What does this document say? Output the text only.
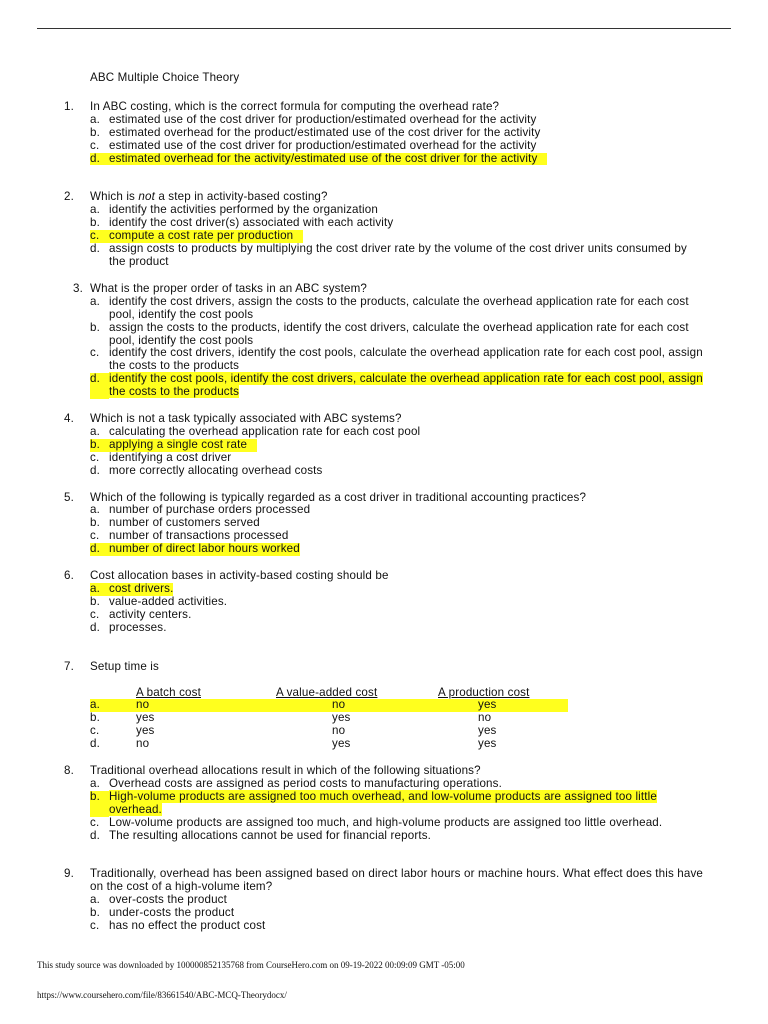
ABC Multiple Choice Theory
1.	In ABC costing, which is the correct formula for computing the overhead rate?
a. estimated use of the cost driver for production/estimated overhead for the activity
b. estimated overhead for the product/estimated use of the cost driver for the activity
c. estimated use of the cost driver for production/estimated overhead for the activity
d. estimated overhead for the activity/estimated use of the cost driver for the activity
2.	Which is not a step in activity-based costing?
a. identify the activities performed by the organization
b. identify the cost driver(s) associated with each activity
c. compute a cost rate per production
d. assign costs to products by multiplying the cost driver rate by the volume of the cost driver units consumed by the product
3. What is the proper order of tasks in an ABC system?
a. identify the cost drivers, assign the costs to the products, calculate the overhead application rate for each cost pool, identify the cost pools
b. assign the costs to the products, identify the cost drivers, calculate the overhead application rate for each cost pool, identify the cost pools
c. identify the cost drivers, identify the cost pools, calculate the overhead application rate for each cost pool, assign the costs to the products
d. identify the cost pools, identify the cost drivers, calculate the overhead application rate for each cost pool, assign the costs to the products
4.	Which is not a task typically associated with ABC systems?
a. calculating the overhead application rate for each cost pool
b. applying a single cost rate
c. identifying a cost driver
d. more correctly allocating overhead costs
5.	Which of the following is typically regarded as a cost driver in traditional accounting practices?
a. number of purchase orders processed
b. number of customers served
c. number of transactions processed
d. number of direct labor hours worked
6.	Cost allocation bases in activity-based costing should be
a. cost drivers.
b. value-added activities.
c. activity centers.
d. processes.
7.	Setup time is
A batch cost	A value-added cost	A production cost
a.	no	no	yes
b.	yes	yes	no
c.	yes	no	yes
d.	no	yes	yes
8.	Traditional overhead allocations result in which of the following situations?
a. Overhead costs are assigned as period costs to manufacturing operations.
b. High-volume products are assigned too much overhead, and low-volume products are assigned too little overhead.
c. Low-volume products are assigned too much, and high-volume products are assigned too little overhead.
d. The resulting allocations cannot be used for financial reports.
9.	Traditionally, overhead has been assigned based on direct labor hours or machine hours. What effect does this have on the cost of a high-volume item?
a. over-costs the product
b. under-costs the product
c. has no effect the product cost
This study source was downloaded by 100000852135768 from CourseHero.com on 09-19-2022 00:09:09 GMT -05:00
https://www.coursehero.com/file/83661540/ABC-MCQ-Theorydocx/
